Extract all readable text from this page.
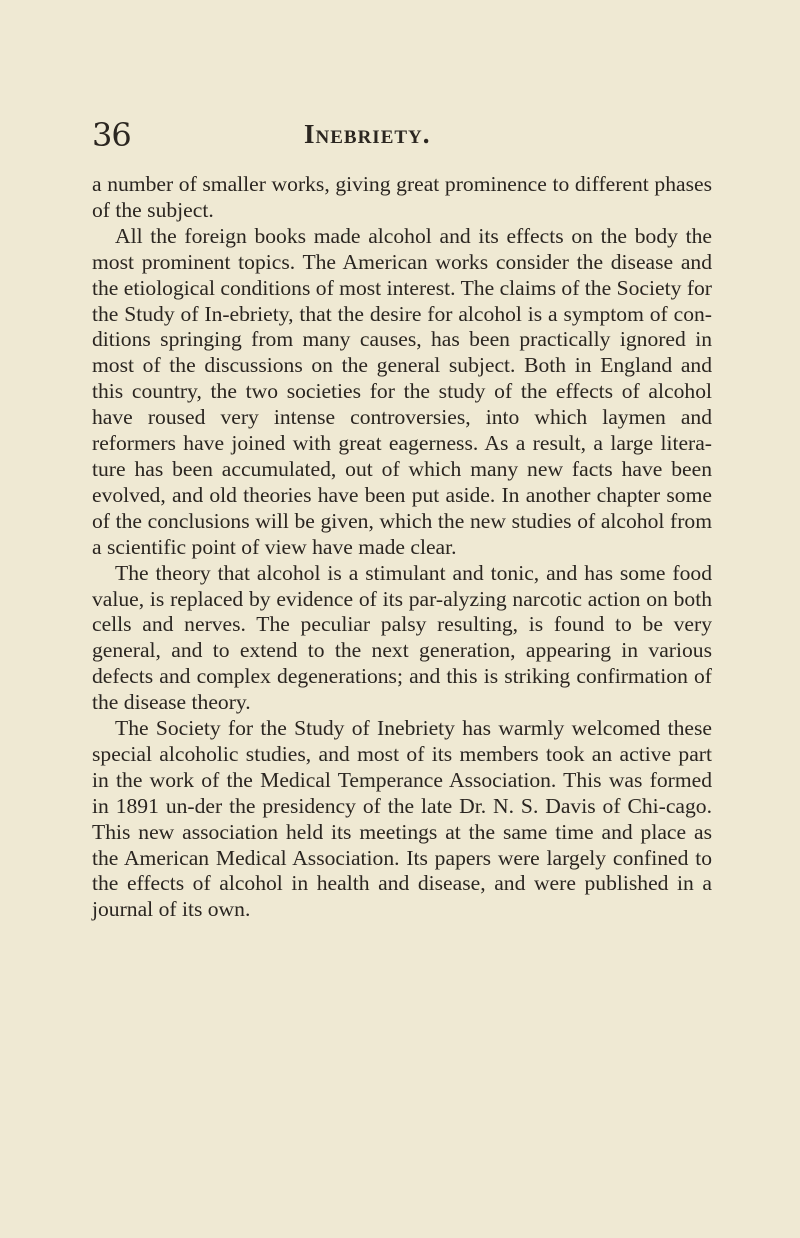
36	Inebriety.

a number of smaller works, giving great prominence to different phases of the subject.

All the foreign books made alcohol and its effects on the body the most prominent topics. The American works consider the disease and the etiological conditions of most interest. The claims of the Society for the Study of In-ebriety, that the desire for alcohol is a symptom of con-ditions springing from many causes, has been practically ignored in most of the discussions on the general subject. Both in England and this country, the two societies for the study of the effects of alcohol have roused very intense controversies, into which laymen and reformers have joined with great eagerness. As a result, a large litera-ture has been accumulated, out of which many new facts have been evolved, and old theories have been put aside. In another chapter some of the conclusions will be given, which the new studies of alcohol from a scientific point of view have made clear.

The theory that alcohol is a stimulant and tonic, and has some food value, is replaced by evidence of its par-alyzing narcotic action on both cells and nerves. The peculiar palsy resulting, is found to be very general, and to extend to the next generation, appearing in various defects and complex degenerations; and this is striking confirmation of the disease theory.

The Society for the Study of Inebriety has warmly welcomed these special alcoholic studies, and most of its members took an active part in the work of the Medical Temperance Association. This was formed in 1891 un-der the presidency of the late Dr. N. S. Davis of Chi-cago. This new association held its meetings at the same time and place as the American Medical Association. Its papers were largely confined to the effects of alcohol in health and disease, and were published in a journal of its own.
